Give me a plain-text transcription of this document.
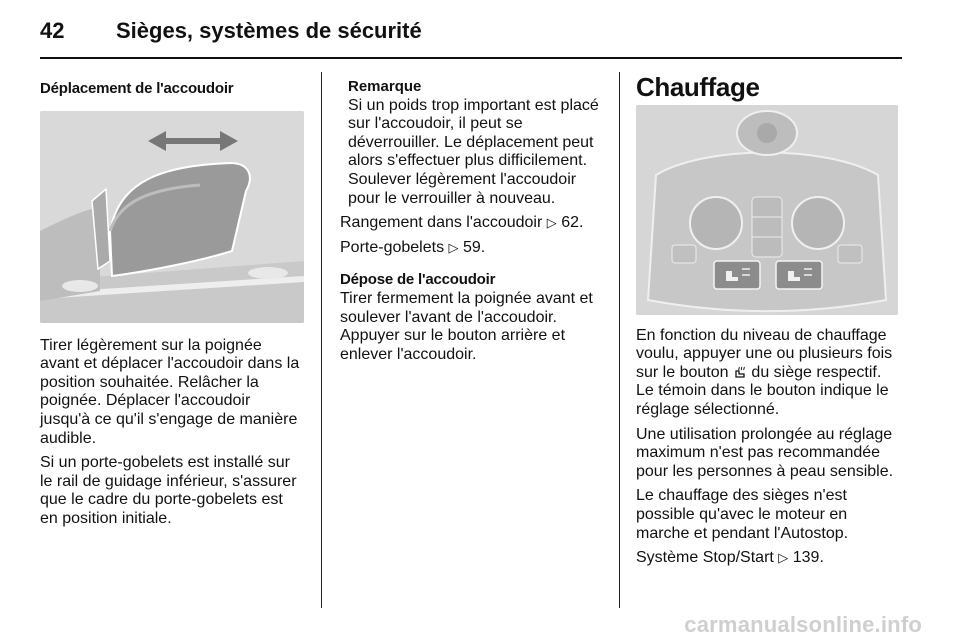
42 Sièges, systèmes de sécurité
Déplacement de l'accoudoir

Tirer légèrement sur la poignée avant et déplacer l'accoudoir dans la position souhaitée. Relâcher la poignée. Déplacer l'accoudoir jusqu'à ce qu'il s'engage de manière audible.

Si un porte-gobelets est installé sur le rail de guidage inférieur, s'assurer que le cadre du porte-gobelets est en position initiale.

Remarque

Si un poids trop important est placé sur l'accoudoir, il peut se déverrouiller. Le déplacement peut alors s'effectuer plus difficilement. Soulever légèrement l'accoudoir pour le verrouiller à nouveau.

Rangement dans l'accoudoir ▷ 62.

Porte-gobelets ▷ 59.

Dépose de l'accoudoir

Tirer fermement la poignée avant et soulever l'avant de l'accoudoir. Appuyer sur le bouton arrière et enlever l'accoudoir.

Chauffage

En fonction du niveau de chauffage voulu, appuyer une ou plusieurs fois sur le bouton du siège respectif. Le témoin dans le bouton indique le réglage sélectionné.

Une utilisation prolongée au réglage maximum n'est pas recommandée pour les personnes à peau sensible.

Le chauffage des sièges n'est possible qu'avec le moteur en marche et pendant l'Autostop.

Système Stop/Start ▷ 139.

carmanualsonline.info
